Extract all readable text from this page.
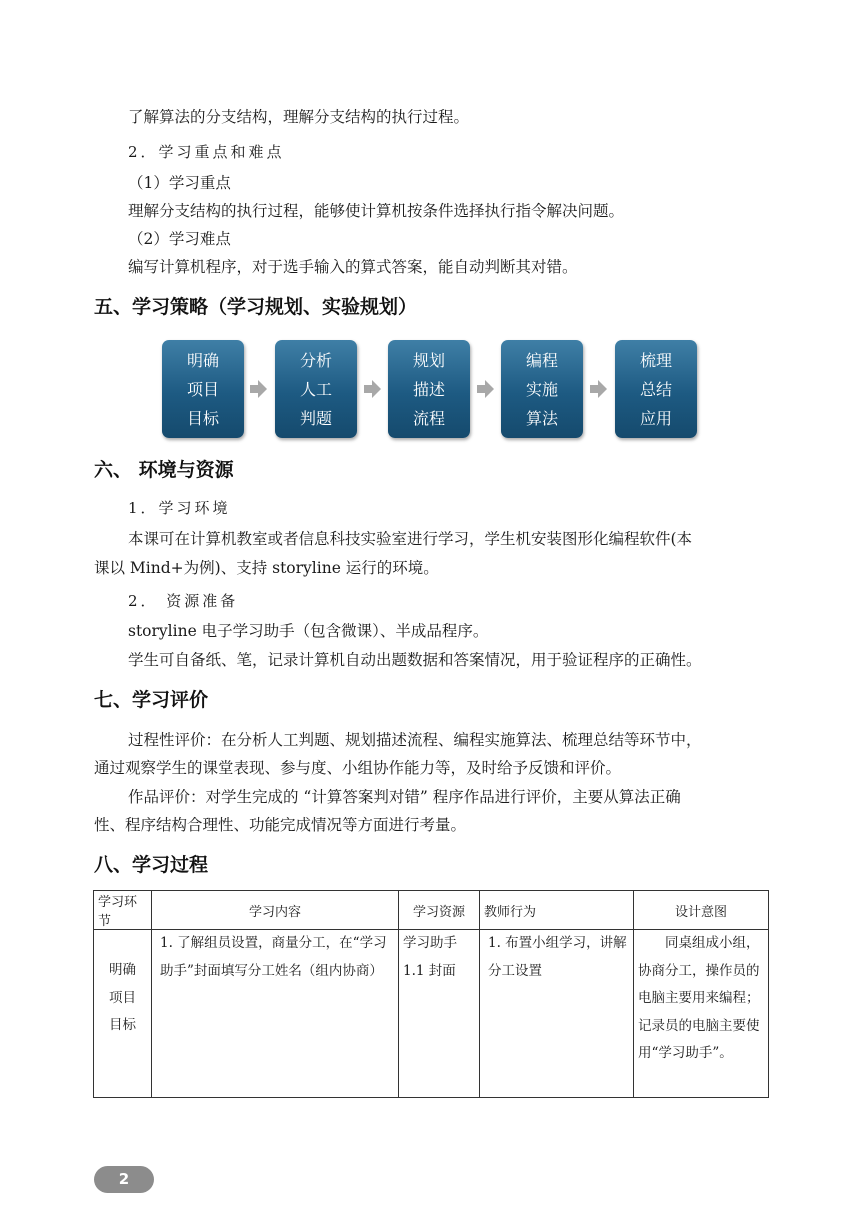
了解算法的分支结构，理解分支结构的执行过程。
2．学习重点和难点
（1）学习重点
理解分支结构的执行过程，能够使计算机按条件选择执行指令解决问题。
（2）学习难点
编写计算机程序，对于选手输入的算式答案，能自动判断其对错。
五、学习策略（学习规划、实验规划）
明确
项目
目标
分析
人工
判题
规划
描述
流程
编程
实施
算法
梳理
总结
应用
六、 环境与资源
1．学习环境
本课可在计算机教室或者信息科技实验室进行学习，学生机安装图形化编程软件(本
课以 Mind+为例)、支持 storyline 运行的环境。
2． 资源准备
storyline 电子学习助手（包含微课）、半成品程序。
学生可自备纸、笔，记录计算机自动出题数据和答案情况，用于验证程序的正确性。
七、学习评价
过程性评价：在分析人工判题、规划描述流程、编程实施算法、梳理总结等环节中，
通过观察学生的课堂表现、参与度、小组协作能力等，及时给予反馈和评价。
作品评价：对学生完成的 “计算答案判对错” 程序作品进行评价，主要从算法正确
性、程序结构合理性、功能完成情况等方面进行考量。
八、学习过程
学习环节	学习内容	学习资源	教师行为	设计意图

明确
项目
目标	1. 了解组员设置，商量分工，在“学习助手”封面填写分工姓名（组内协商）	学习助手1.1 封面	1. 布置小组学习，讲解分工设置	同桌组成小组，协商分工，操作员的电脑主要用来编程；记录员的电脑主要使用“学习助手”。
2
